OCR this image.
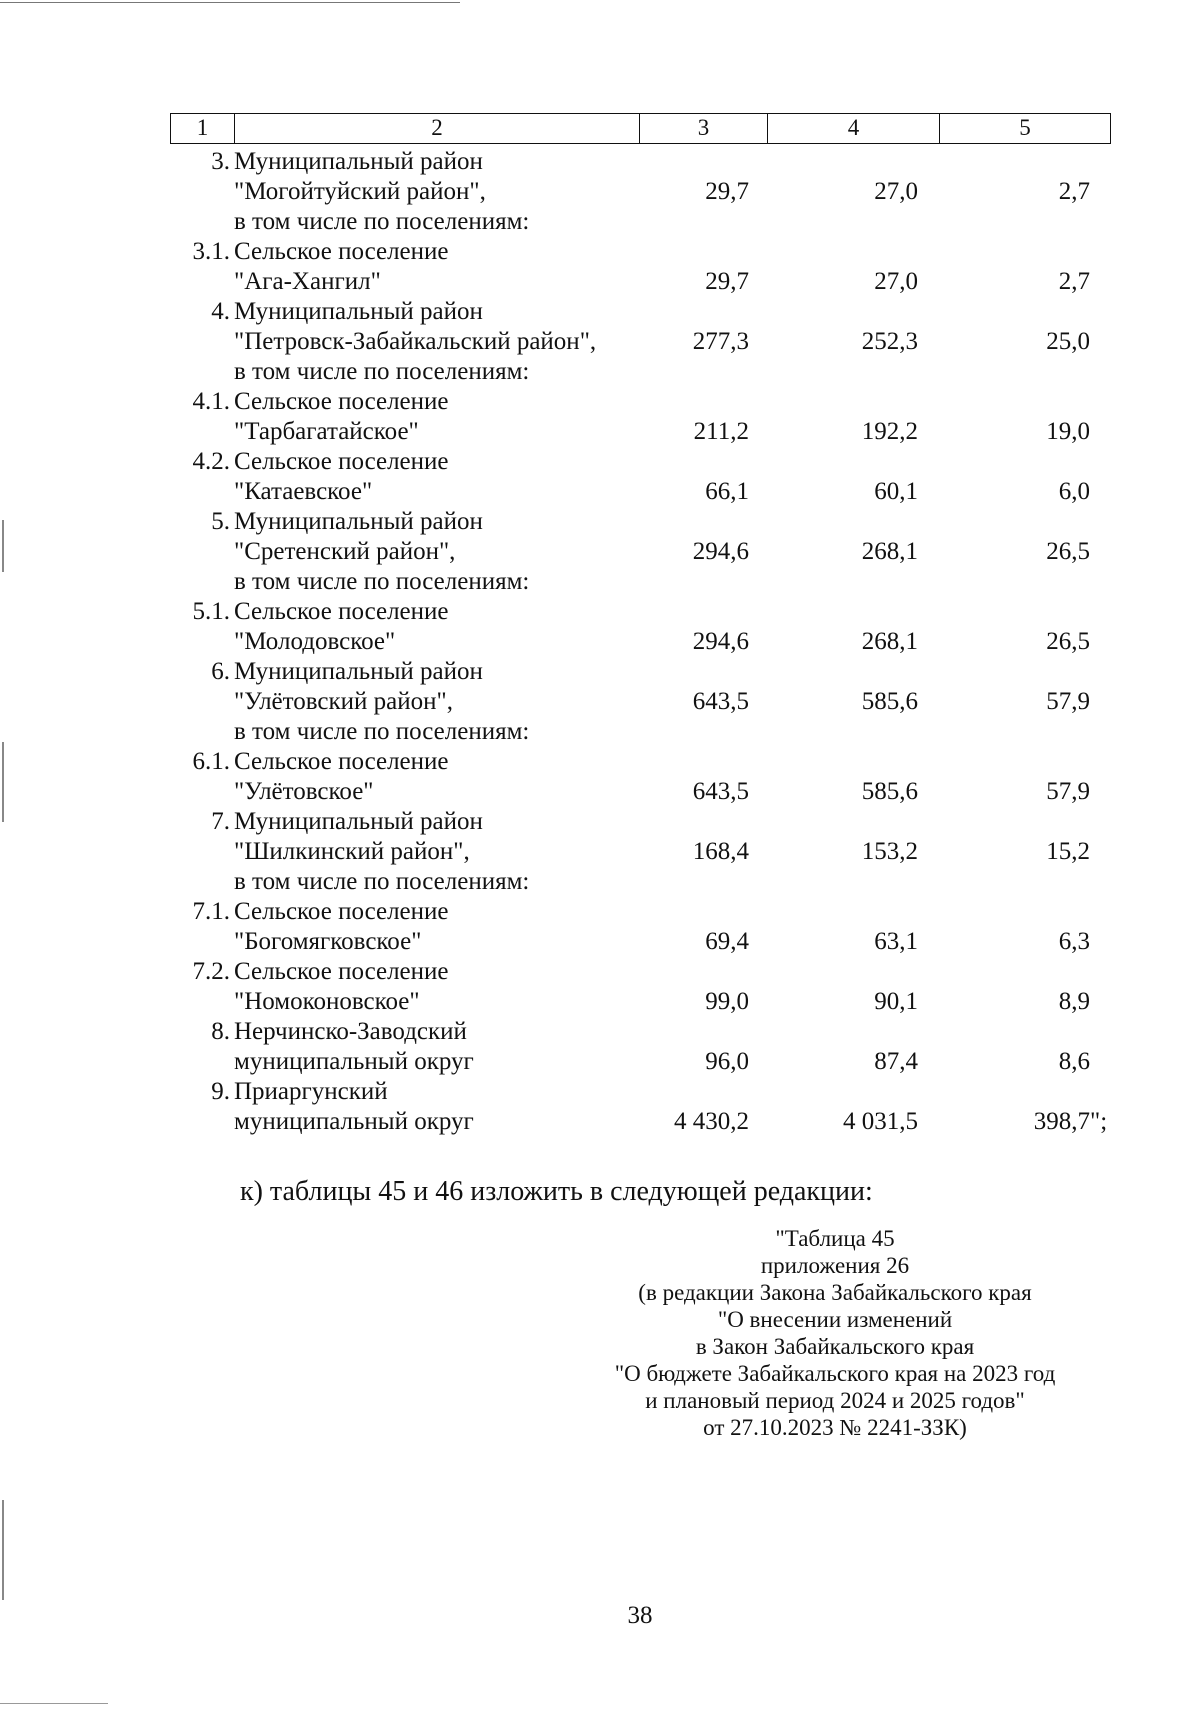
1	2	3	4	5
3. Муниципальный район
"Могойтуйский район",	29,7	27,0	2,7
в том числе по поселениям:
3.1. Сельское поселение
"Ага-Хангил"	29,7	27,0	2,7
4. Муниципальный район
"Петровск-Забайкальский район",	277,3	252,3	25,0
в том числе по поселениям:
4.1. Сельское поселение
"Тарбагатайское"	211,2	192,2	19,0
4.2. Сельское поселение
"Катаевское"	66,1	60,1	6,0
5. Муниципальный район
"Сретенский район",	294,6	268,1	26,5
в том числе по поселениям:
5.1. Сельское поселение
"Молодовское"	294,6	268,1	26,5
6. Муниципальный район
"Улётовский район",	643,5	585,6	57,9
в том числе по поселениям:
6.1. Сельское поселение
"Улётовское"	643,5	585,6	57,9
7. Муниципальный район
"Шилкинский район",	168,4	153,2	15,2
в том числе по поселениям:
7.1. Сельское поселение
"Богомягковское"	69,4	63,1	6,3
7.2. Сельское поселение
"Номоконовское"	99,0	90,1	8,9
8. Нерчинско-Заводский
муниципальный округ	96,0	87,4	8,6
9. Приаргунский
муниципальный округ	4 430,2	4 031,5	398,7 ";
к) таблицы 45 и 46 изложить в следующей редакции:
"Таблица 45
приложения 26
(в редакции Закона Забайкальского края
"О внесении изменений
в Закон Забайкальского края
"О бюджете Забайкальского края на 2023 год
и плановый период 2024 и 2025 годов"
от 27.10.2023 № 2241-ЗЗК)
38
